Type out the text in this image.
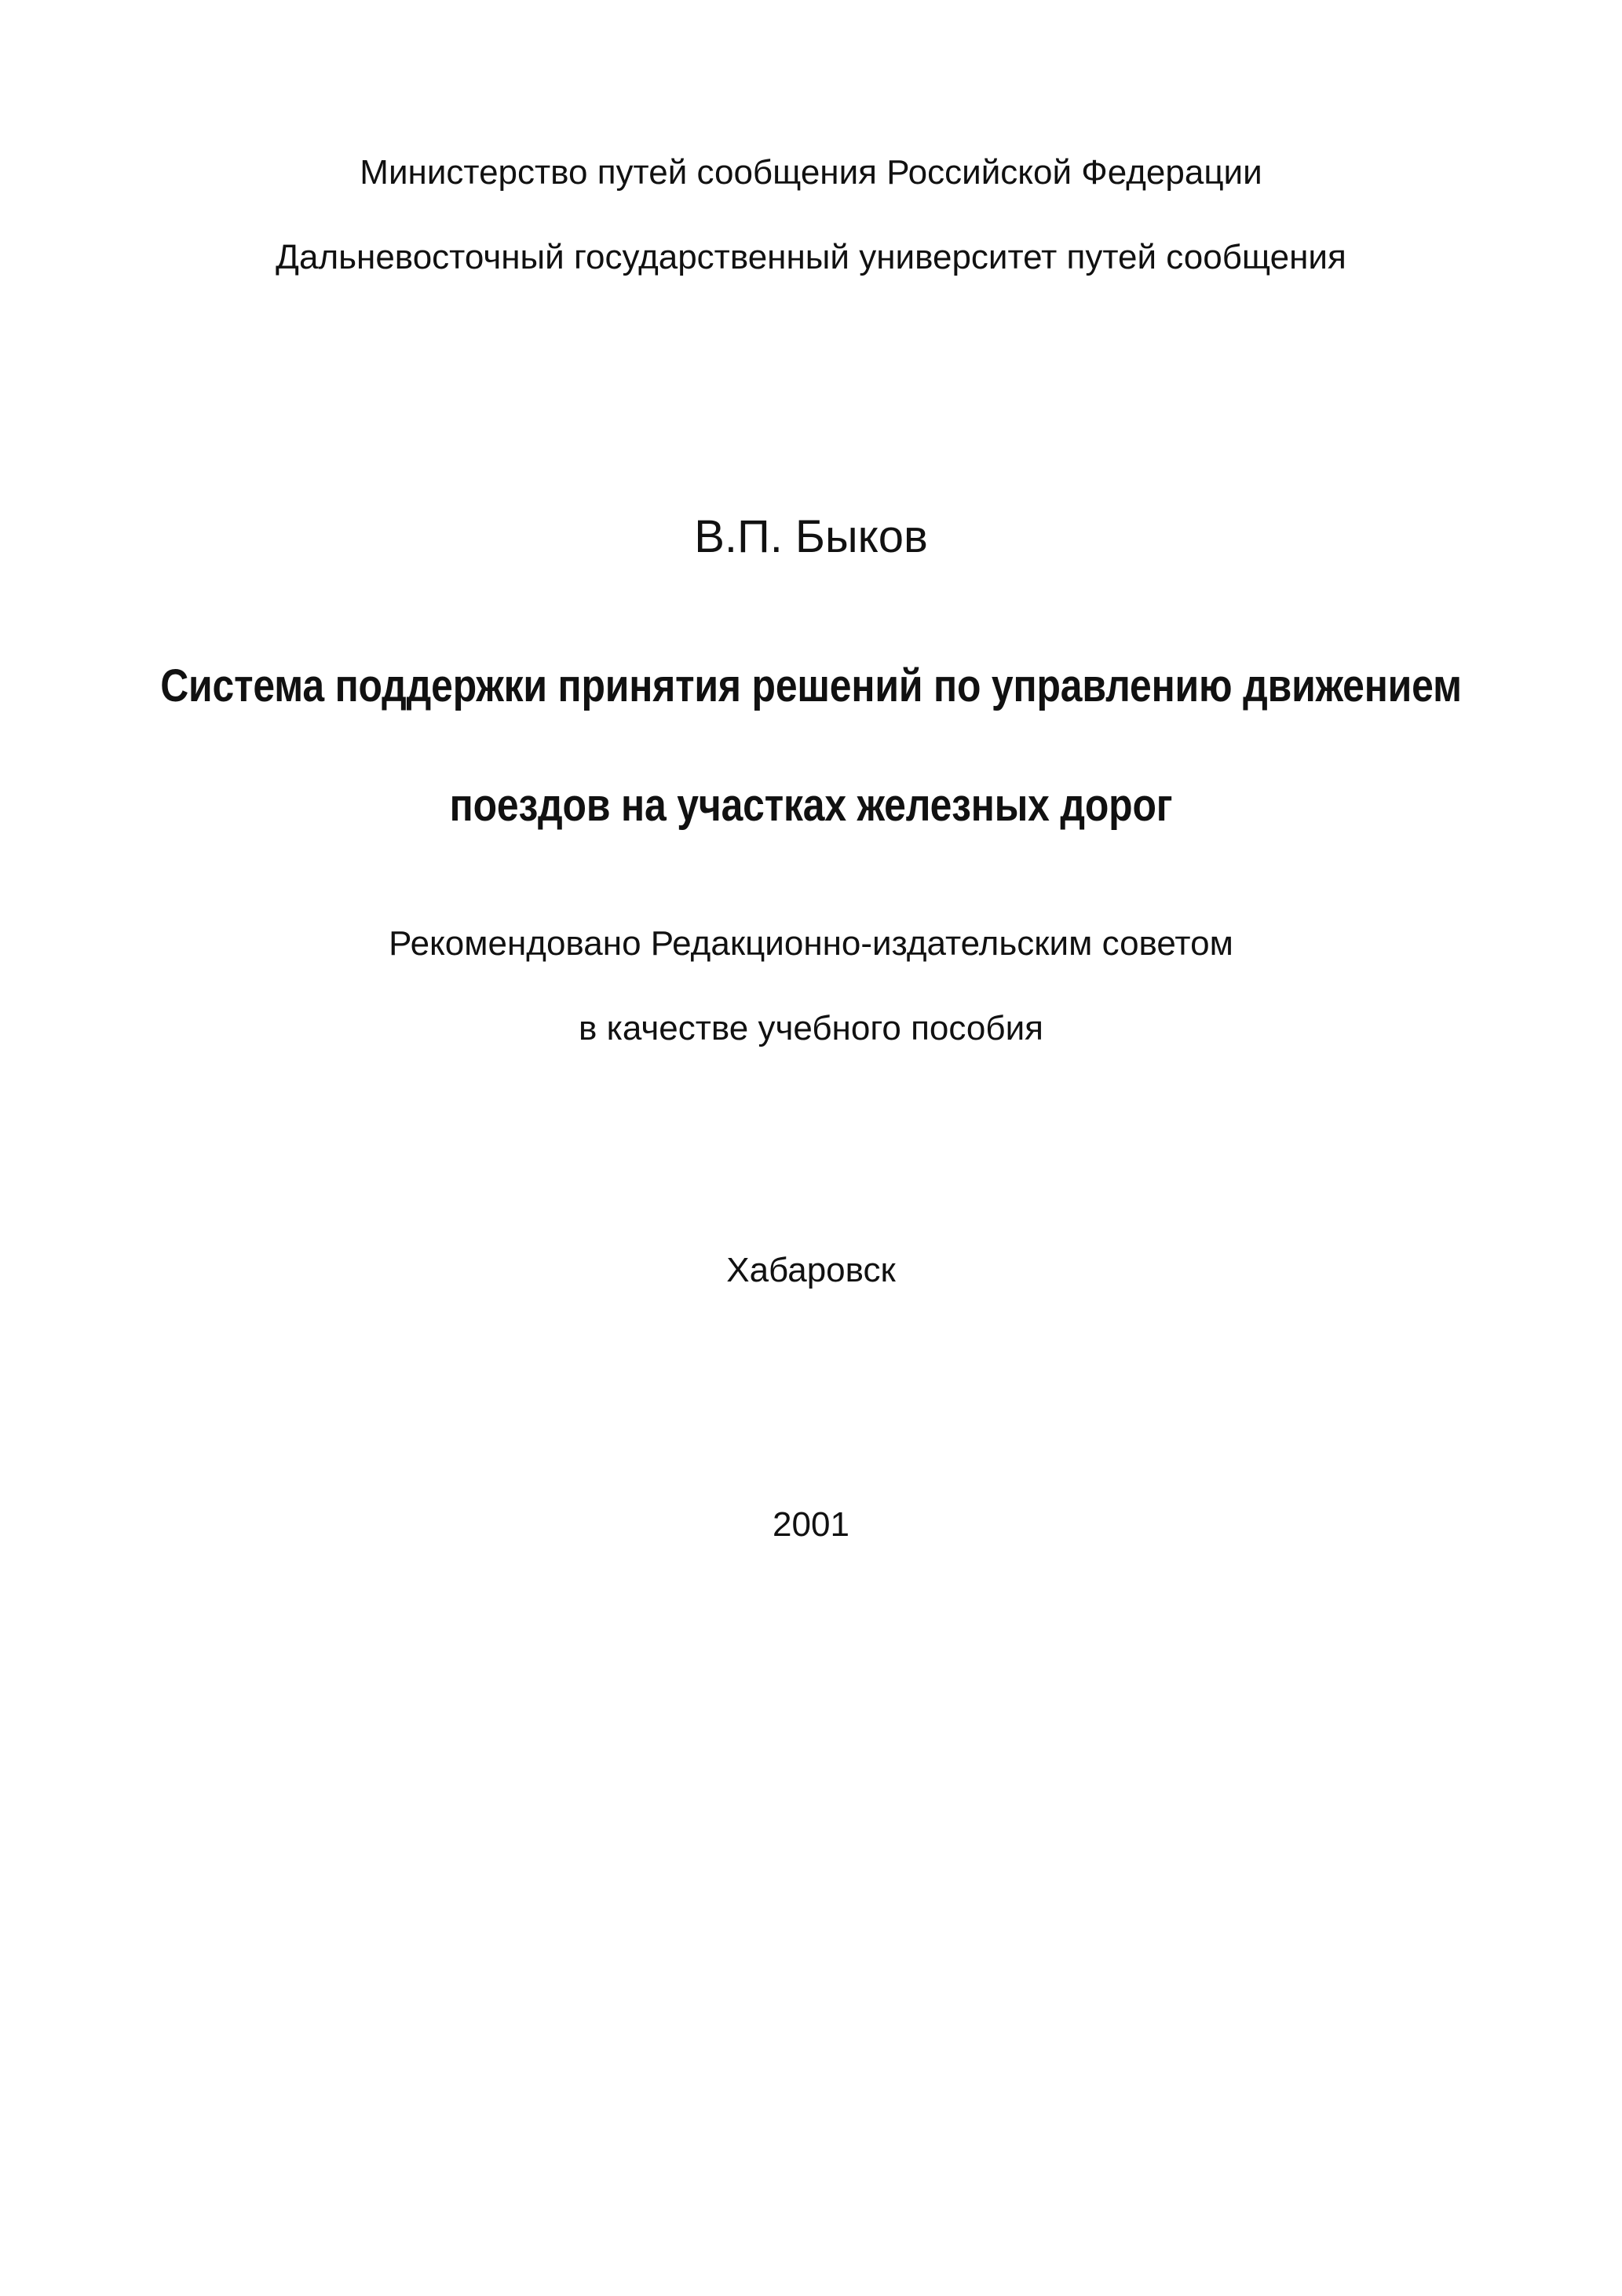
Министерство путей сообщения Российской Федерации
Дальневосточный государственный университет путей сообщения
В.П. Быков
Система поддержки принятия решений по управлению движением
поездов на участках железных дорог
Рекомендовано Редакционно-издательским советом
в качестве учебного пособия
Хабаровск
2001
